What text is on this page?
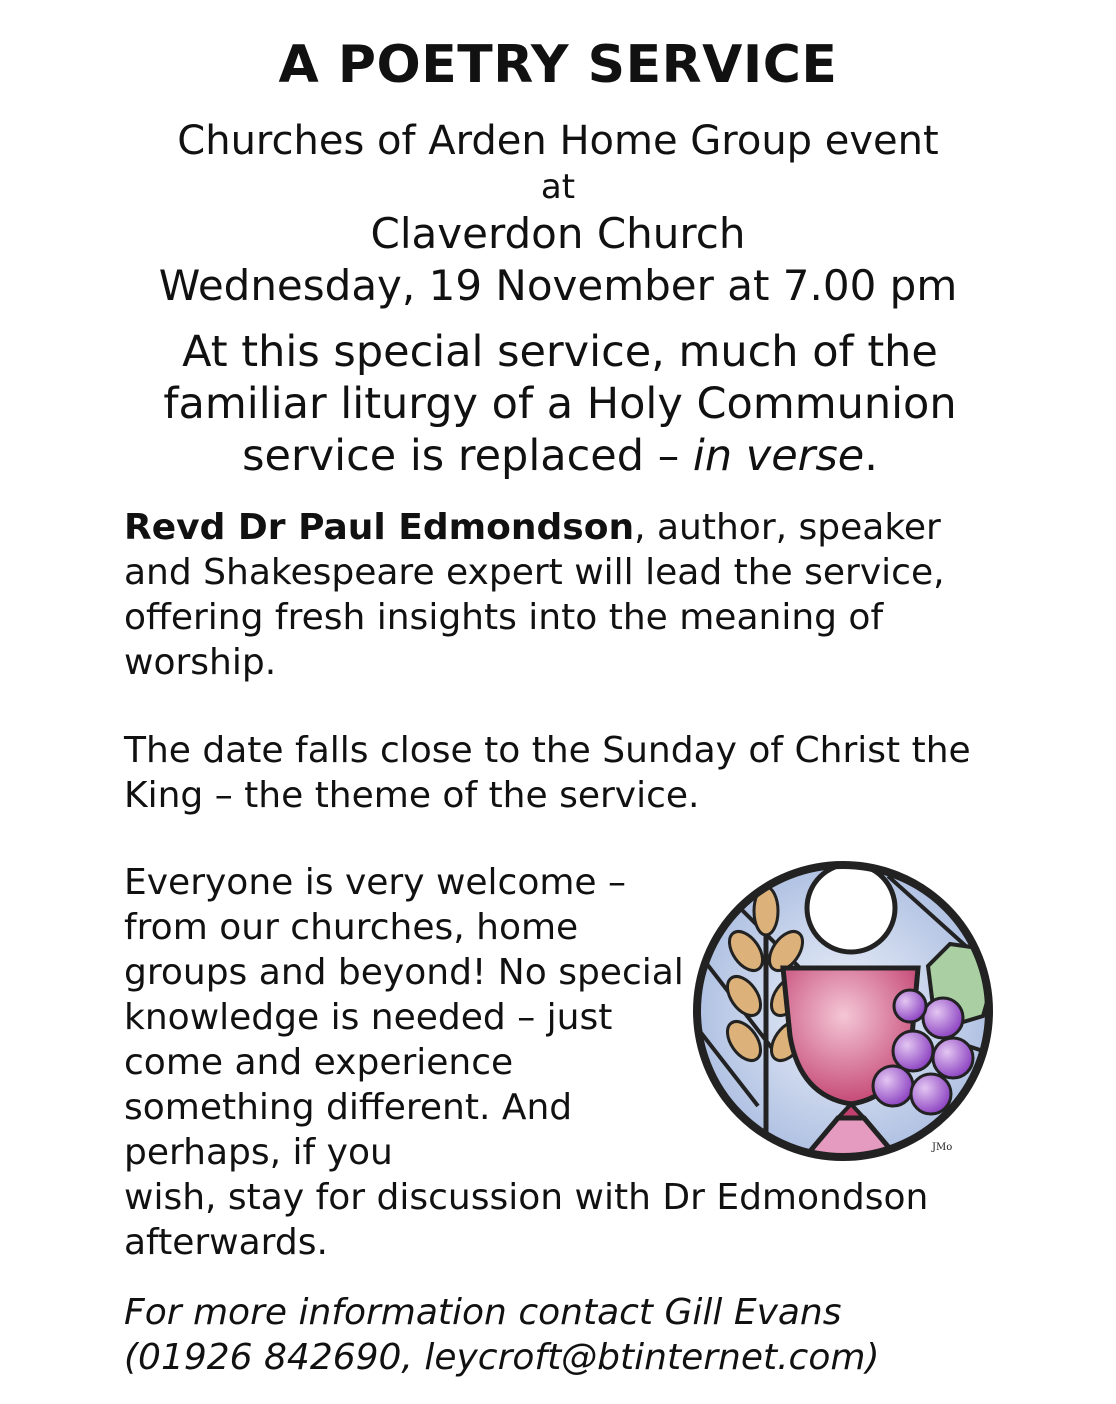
A POETRY SERVICE
Churches of Arden Home Group event
at
Claverdon Church
Wednesday, 19 November at 7.00 pm
At this special service, much of the familiar liturgy of a Holy Communion service is replaced – in verse.
Revd Dr Paul Edmondson, author, speaker and Shakespeare expert will lead the service, offering fresh insights into the meaning of worship.
The date falls close to the Sunday of Christ the King – the theme of the service.
Everyone is very welcome – from our churches, home groups and beyond! No special knowledge is needed – just come and experience something different. And perhaps, if you
wish, stay for discussion with Dr Edmondson afterwards.
For more information contact Gill Evans
(01926 842690, leycroft@btinternet.com)
JMo
